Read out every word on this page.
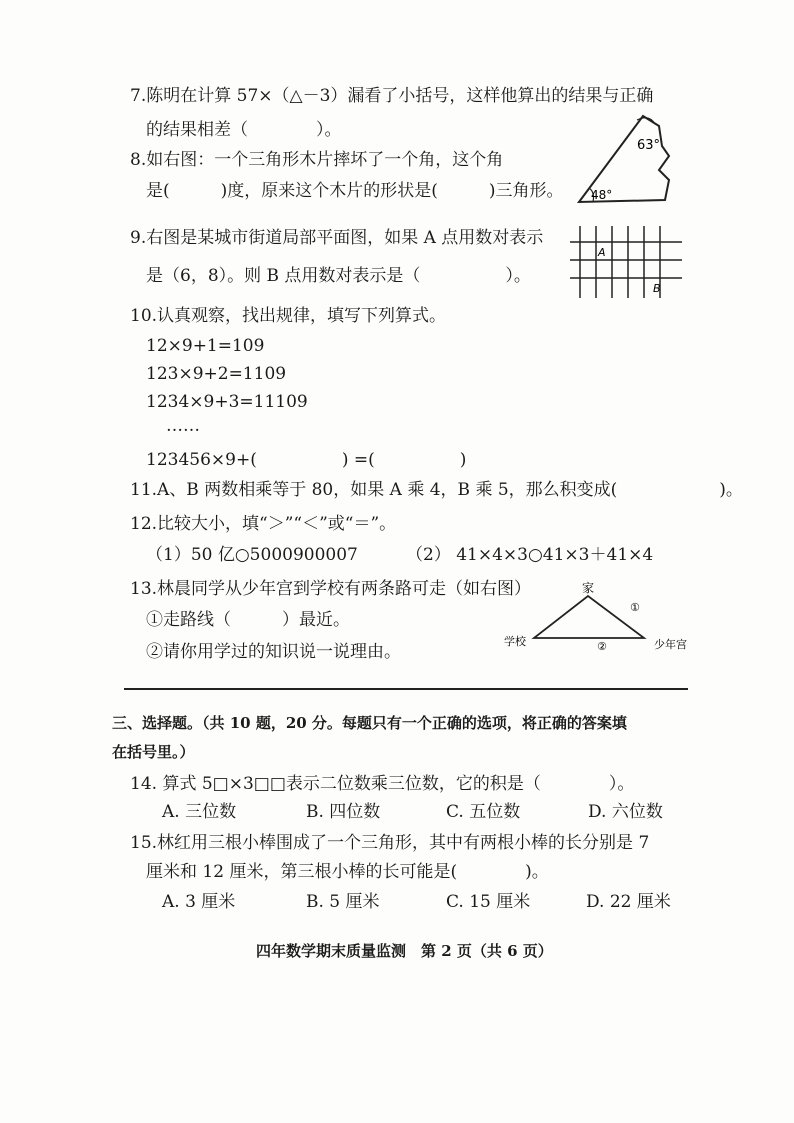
7.陈明在计算 57×（△－3）漏看了小括号，这样他算出的结果与正确
的结果相差（　　　　）。
8.如右图：一个三角形木片摔坏了一个角，这个角
是(　　　)度，原来这个木片的形状是(　　　)三角形。
63°
48°
9.右图是某城市街道局部平面图，如果 A 点用数对表示
是（6，8）。则 B 点用数对表示是（　　　　　）。
A
B
10.认真观察，找出规律，填写下列算式。
12×9+1=109
123×9+2=1109
1234×9+3=11109
……
123456×9+(　　　　　) =(　　　　　)
11.A、B 两数相乘等于 80，如果 A 乘 4，B 乘 5，那么积变成(　　　　　　)。
12.比较大小，填“＞”“＜”或“＝”。
（1）50 亿○5000900007	（2） 41×4×3○41×3＋41×4
13.林晨同学从少年宫到学校有两条路可走（如右图）
①走路线（　　　）最近。
②请你用学过的知识说一说理由。
家
①
②
学校	少年宫
三、选择题。（共 10 题，20 分。每题只有一个正确的选项，将正确的答案填
在括号里。）
14. 算式 5□×3□□表示二位数乘三位数，它的积是（　　　　）。
A. 三位数	B. 四位数	C. 五位数	D. 六位数
15.林红用三根小棒围成了一个三角形，其中有两根小棒的长分别是 7
厘米和 12 厘米，第三根小棒的长可能是(　　　　)。
A. 3 厘米	B. 5 厘米	C. 15 厘米	D. 22 厘米
四年数学期末质量监测　第 2 页（共 6 页）
